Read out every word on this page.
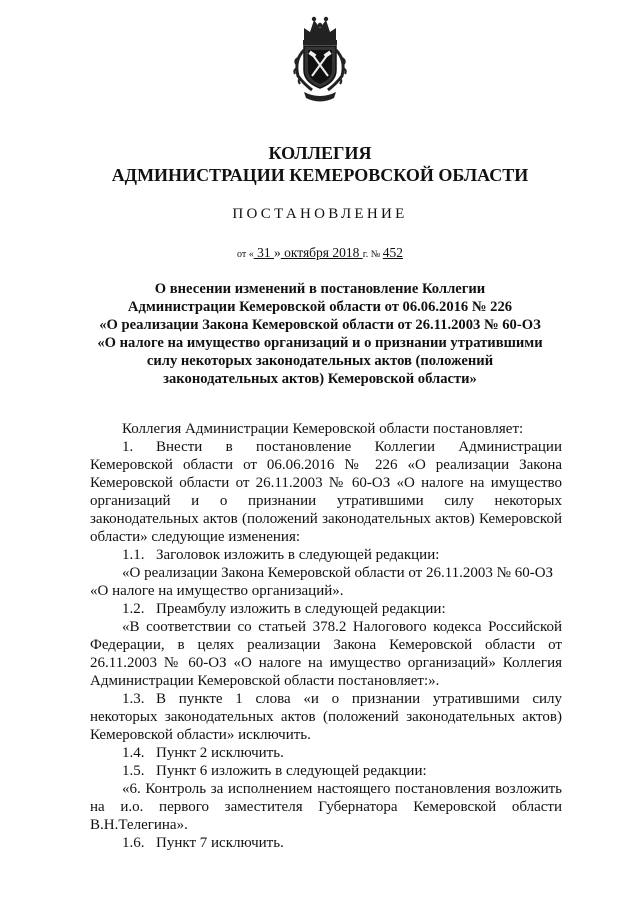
КОЛЛЕГИЯ
АДМИНИСТРАЦИИ КЕМЕРОВСКОЙ ОБЛАСТИ
ПОСТАНОВЛЕНИЕ
от « 31 » октября 2018 г. № 452
О внесении изменений в постановление Коллегии
Администрации Кемеровской области от 06.06.2016 № 226
«О реализации Закона Кемеровской области от 26.11.2003 № 60-ОЗ
«О налоге на имущество организаций и о признании утратившими
силу некоторых законодательных актов (положений
законодательных актов) Кемеровской области»
Коллегия Администрации Кемеровской области постановляет:
1. Внести в постановление Коллегии Администрации
Кемеровской области от 06.06.2016 № 226 «О реализации Закона
Кемеровской области от 26.11.2003 № 60-ОЗ «О налоге на имущество
организаций и о признании утратившими силу некоторых
законодательных актов (положений законодательных актов) Кемеровской
области» следующие изменения:
1.1. Заголовок изложить в следующей редакции:
«О реализации Закона Кемеровской области от 26.11.2003 № 60-ОЗ
«О налоге на имущество организаций».
1.2. Преамбулу изложить в следующей редакции:
«В соответствии со статьей 378.2 Налогового кодекса Российской
Федерации, в целях реализации Закона Кемеровской области от
26.11.2003 № 60-ОЗ «О налоге на имущество организаций» Коллегия
Администрации Кемеровской области постановляет:».
1.3. В пункте 1 слова «и о признании утратившими силу
некоторых законодательных актов (положений законодательных актов)
Кемеровской области» исключить.
1.4. Пункт 2 исключить.
1.5. Пункт 6 изложить в следующей редакции:
«6. Контроль за исполнением настоящего постановления возложить
на и.о. первого заместителя Губернатора Кемеровской области
В.Н.Телегина».
1.6. Пункт 7 исключить.
